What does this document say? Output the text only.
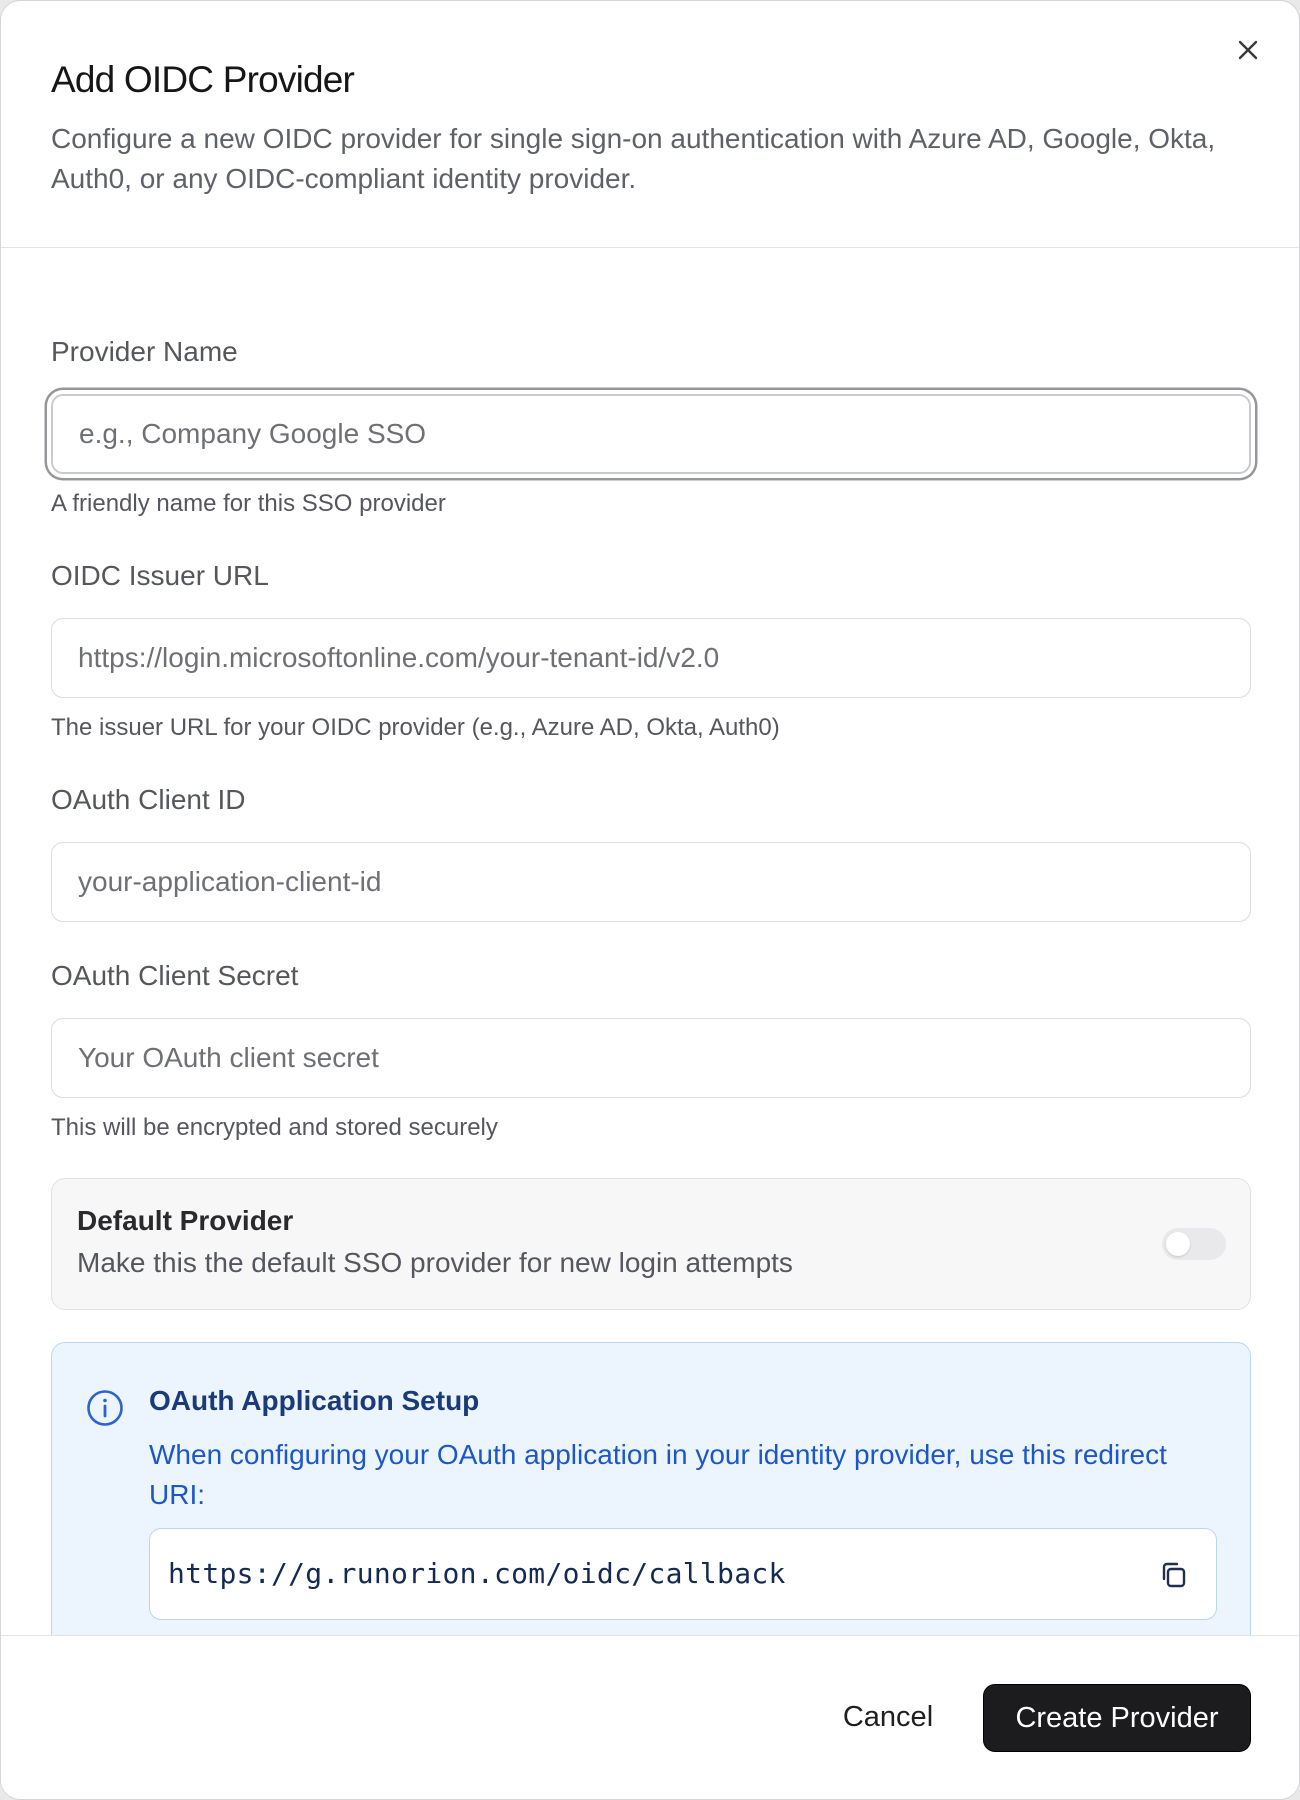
Add OIDC Provider
Configure a new OIDC provider for single sign-on authentication with Azure AD, Google, Okta, Auth0, or any OIDC-compliant identity provider.
Provider Name
e.g., Company Google SSO
A friendly name for this SSO provider
OIDC Issuer URL
https://login.microsoftonline.com/your-tenant-id/v2.0
The issuer URL for your OIDC provider (e.g., Azure AD, Okta, Auth0)
OAuth Client ID
your-application-client-id
OAuth Client Secret
This will be encrypted and stored securely
Default Provider
Make this the default SSO provider for new login attempts
OAuth Application Setup
When configuring your OAuth application in your identity provider, use this redirect URI:
https://g.runorion.com/oidc/callback
Cancel	Create Provider
